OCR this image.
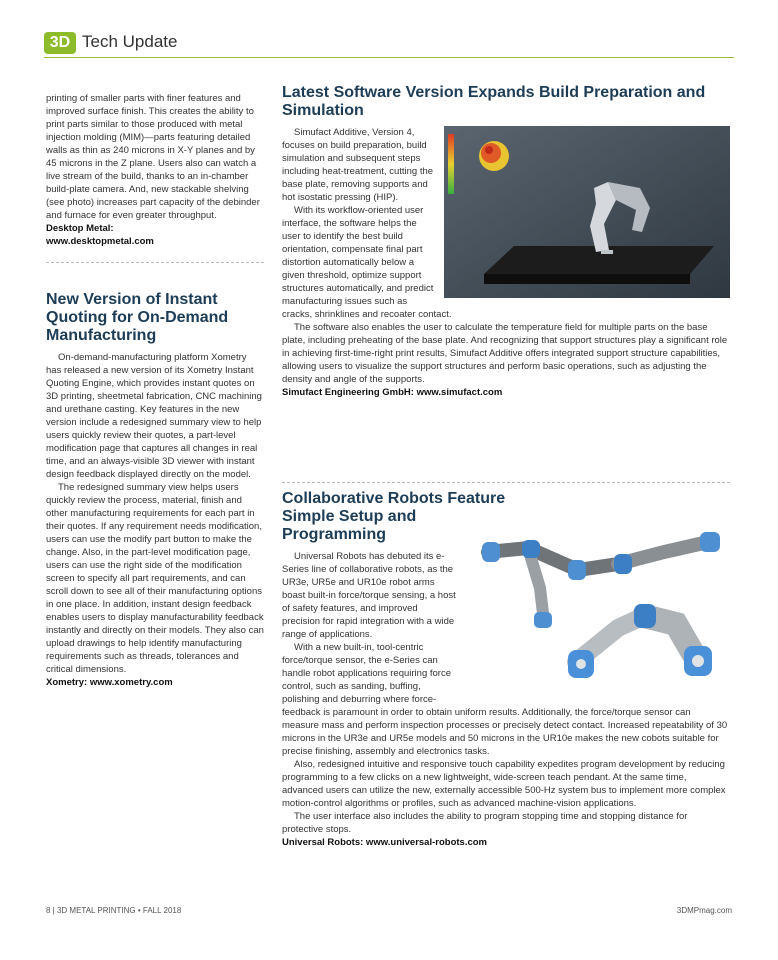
3D Tech Update

printing of smaller parts with finer features and improved surface finish. This creates the ability to print parts similar to those produced with metal injection molding (MIM)—parts featuring detailed walls as thin as 240 microns in X-Y planes and by 45 microns in the Z plane. Users also can watch a live stream of the build, thanks to an in-chamber build-plate camera. And, new stackable shelving (see photo) increases part capacity of the debinder and furnace for even greater throughput.

Desktop Metal:

www.desktopmetal.com

New Version of Instant Quoting for On-Demand Manufacturing

On-demand-manufacturing platform Xometry has released a new version of its Xometry Instant Quoting Engine, which provides instant quotes on 3D printing, sheetmetal fabrication, CNC machining and urethane casting. Key features in the new version include a redesigned summary view to help users quickly review their quotes, a part-level modification page that captures all changes in real time, and an always-visible 3D viewer with instant design feedback displayed directly on the model.

The redesigned summary view helps users quickly review the process, material, finish and other manufacturing requirements for each part in their quotes. If any requirement needs modification, users can use the modify part button to make the change. Also, in the part-level modification page, users can use the right side of the modification screen to specify all part requirements, and can scroll down to see all of their manufacturing options in one place. In addition, instant design feedback enables users to display manufacturability feedback instantly and directly on their models. They also can upload drawings to help identify manufacturing requirements such as threads, tolerances and critical dimensions.

Xometry: www.xometry.com

Latest Software Version Expands Build Preparation and Simulation

Simufact Additive, Version 4, focuses on build preparation, build simulation and subsequent steps including heat-treatment, cutting the base plate, removing supports and hot isostatic pressing (HIP).

With its workflow-oriented user interface, the software helps the user to identify the best build orientation, compensate final part distortion automatically below a given threshold, optimize support structures automatically, and predict manufacturing issues such as cracks, shrinklines and recoater contact.

The software also enables the user to calculate the temperature field for multiple parts on the base plate, including preheating of the base plate. And recognizing that support structures play a significant role in achieving first-time-right print results, Simufact Additive offers integrated support structure capabilities, allowing users to visualize the support structures and perform basic operations, such as adjusting the density and angle of the supports.

Simufact Engineering GmbH: www.simufact.com

Collaborative Robots Feature Simple Setup and Programming

Universal Robots has debuted its e-Series line of collaborative robots, as the UR3e, UR5e and UR10e robot arms boast built-in force/torque sensing, a host of safety features, and improved precision for rapid integration with a wide range of applications.

With a new built-in, tool-centric force/torque sensor, the e-Series can handle robot applications requiring force control, such as sanding, buffing, polishing and deburring where force-feedback is paramount in order to obtain uniform results. Additionally, the force/torque sensor can measure mass and perform inspection processes or precisely detect contact. Increased repeatability of 30 microns in the UR3e and UR5e models and 50 microns in the UR10e makes the new cobots suitable for precise finishing, assembly and electronics tasks.

Also, redesigned intuitive and responsive touch capability expedites program development by reducing programming to a few clicks on a new lightweight, wide-screen teach pendant. At the same time, advanced users can utilize the new, externally accessible 500-Hz system bus to implement more complex motion-control algorithms or profiles, such as advanced machine-vision applications.

The user interface also includes the ability to program stopping time and stopping distance for protective stops.

Universal Robots: www.universal-robots.com

8 | 3D METAL PRINTING • FALL 2018	3DMPmag.com
